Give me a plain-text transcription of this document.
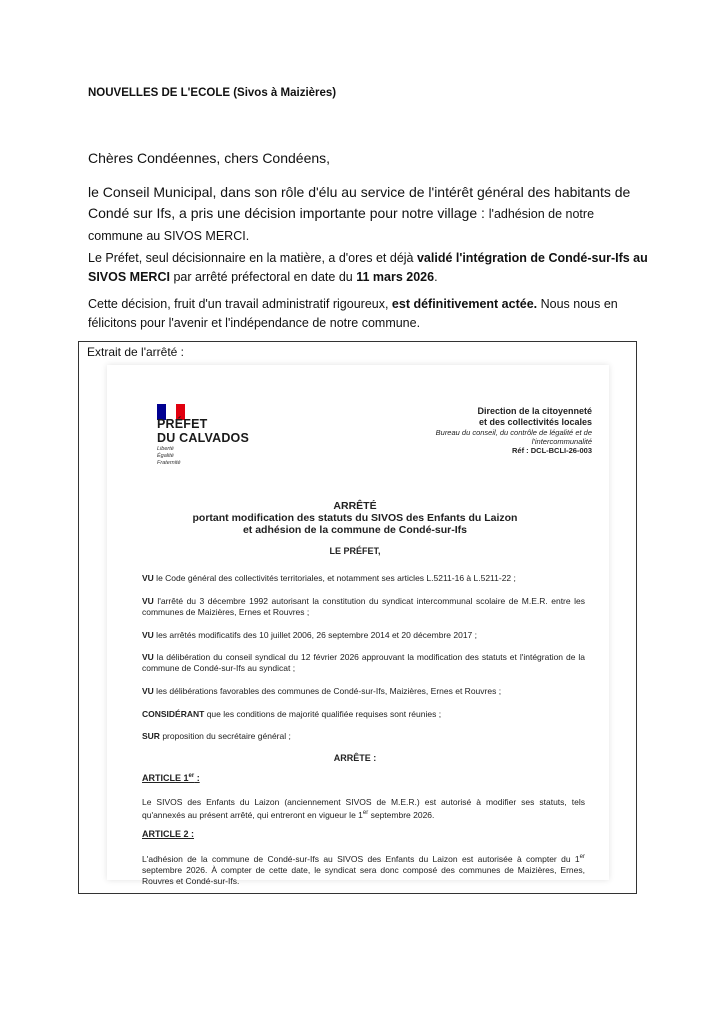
NOUVELLES DE L'ECOLE (Sivos à Maizières)
Chères Condéennes, chers Condéens,
le Conseil Municipal, dans son rôle d'élu au service de l'intérêt général des habitants de Condé sur Ifs, a pris une décision importante pour notre village : l'adhésion de notre commune au SIVOS MERCI.
Le Préfet, seul décisionnaire en la matière, a d'ores et déjà validé l'intégration de Condé-sur-Ifs au SIVOS MERCI par arrêté préfectoral en date du 11 mars 2026.
Cette décision, fruit d'un travail administratif rigoureux, est définitivement actée. Nous nous en félicitons pour l'avenir et l'indépendance de notre commune.
Extrait de l'arrêté :
PRÉFET
DU CALVADOS
Liberté
Égalité
Fraternité
Direction de la citoyenneté
et des collectivités locales
Bureau du conseil, du contrôle de légalité et de
l'intercommunalité
Réf : DCL-BCLI-26-003
ARRÊTÉ
portant modification des statuts du SIVOS des Enfants du Laizon
et adhésion de la commune de Condé-sur-Ifs
LE PRÉFET,
VU le Code général des collectivités territoriales, et notamment ses articles L.5211-16 à L.5211-22 ;
VU l'arrêté du 3 décembre 1992 autorisant la constitution du syndicat intercommunal scolaire de M.E.R. entre les communes de Maizières, Ernes et Rouvres ;
VU les arrêtés modificatifs des 10 juillet 2006, 26 septembre 2014 et 20 décembre 2017 ;
VU la délibération du conseil syndical du 12 février 2026 approuvant la modification des statuts et l'intégration de la commune de Condé-sur-Ifs au syndicat ;
VU les délibérations favorables des communes de Condé-sur-Ifs, Maizières, Ernes et Rouvres ;
CONSIDÉRANT que les conditions de majorité qualifiée requises sont réunies ;
SUR proposition du secrétaire général ;
ARRÊTE :
ARTICLE 1er :
Le SIVOS des Enfants du Laizon (anciennement SIVOS de M.E.R.) est autorisé à modifier ses statuts, tels qu'annexés au présent arrêté, qui entreront en vigueur le 1er septembre 2026.
ARTICLE 2 :
L'adhésion de la commune de Condé-sur-Ifs au SIVOS des Enfants du Laizon est autorisée à compter du 1er septembre 2026. À compter de cette date, le syndicat sera donc composé des communes de Maizières, Ernes, Rouvres et Condé-sur-Ifs.
